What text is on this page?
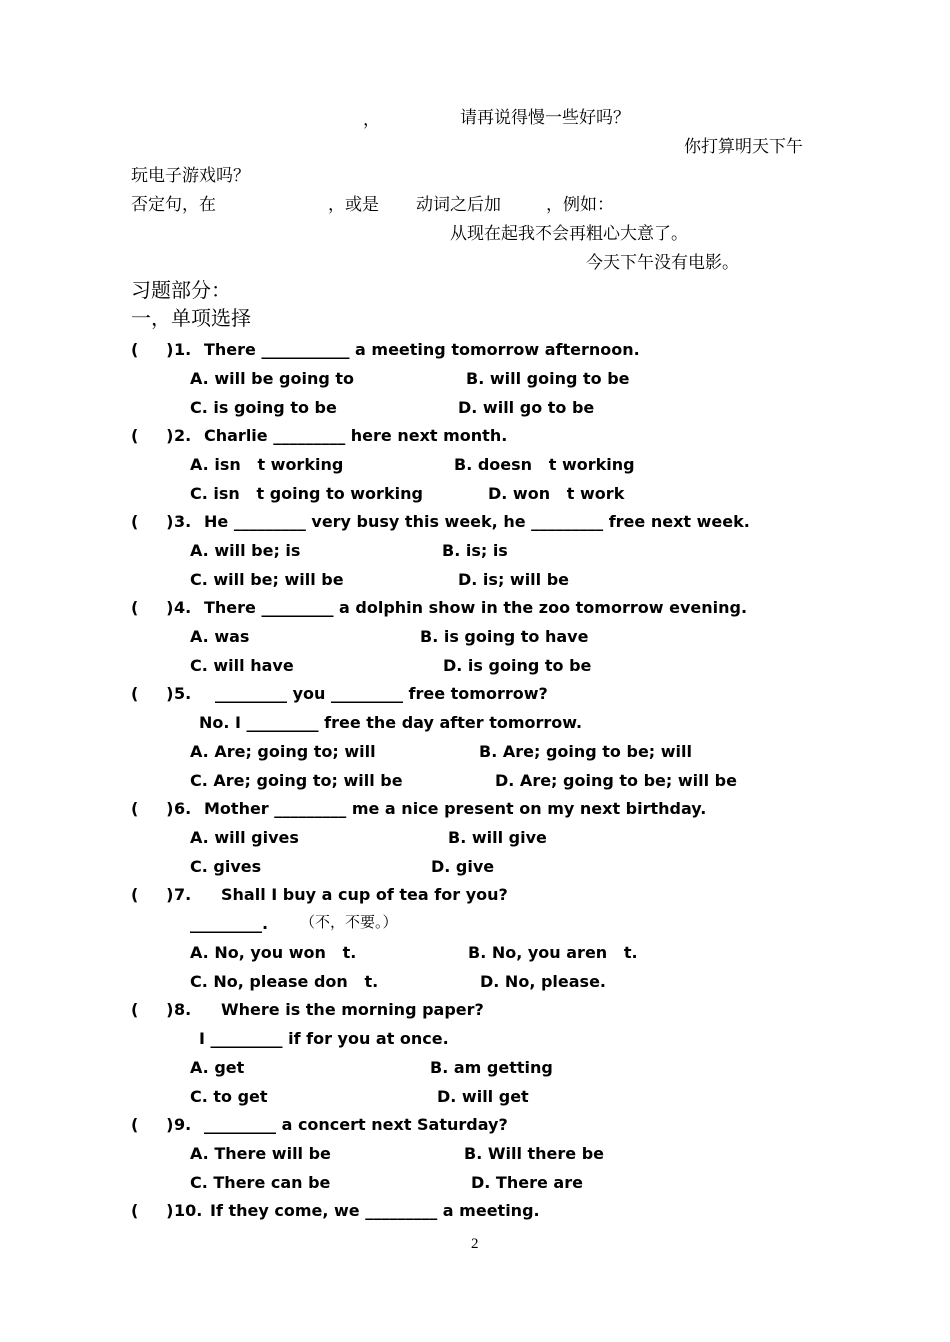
，	请再说得慢一些好吗？
你打算明天下午
玩电子游戏吗？
否定句，在	，或是 动词之后加	，例如：
从现在起我不会再粗心大意了。
今天下午没有电影。
习题部分：
一，单项选择
(     ) 1. There ___________ a meeting tomorrow afternoon.
A. will be going to	B. will going to be
C. is going to be	D. will go to be
(     ) 2. Charlie _________ here next month.
A. isn   t working	B. doesn   t working
C. isn   t going to working	D. won   t work
(     ) 3. He _________ very busy this week, he _________ free next week.
A. will be; is	B. is; is
C. will be; will be	D. is; will be
(     ) 4. There _________ a dolphin show in the zoo tomorrow evening.
A. was	B. is going to have
C. will have	D. is going to be
(     ) 5. _________ you _________ free tomorrow?
No. I _________ free the day after tomorrow.
A. Are; going to; will	B. Are; going to be; will
C. Are; going to; will be	D. Are; going to be; will be
(     ) 6. Mother _________ me a nice present on my next birthday.
A. will gives	B. will give
C. gives	D. give
(     ) 7. Shall I buy a cup of tea for you?
_________. （不，不要。）
A. No, you won   t.	B. No, you aren   t.
C. No, please don   t.	D. No, please.
(     ) 8. Where is the morning paper?
I _________ if for you at once.
A. get	B. am getting
C. to get	D. will get
(     ) 9. _________ a concert next Saturday?
A. There will be	B. Will there be
C. There can be	D. There are
(     ) 10. If they come, we _________ a meeting.
2
